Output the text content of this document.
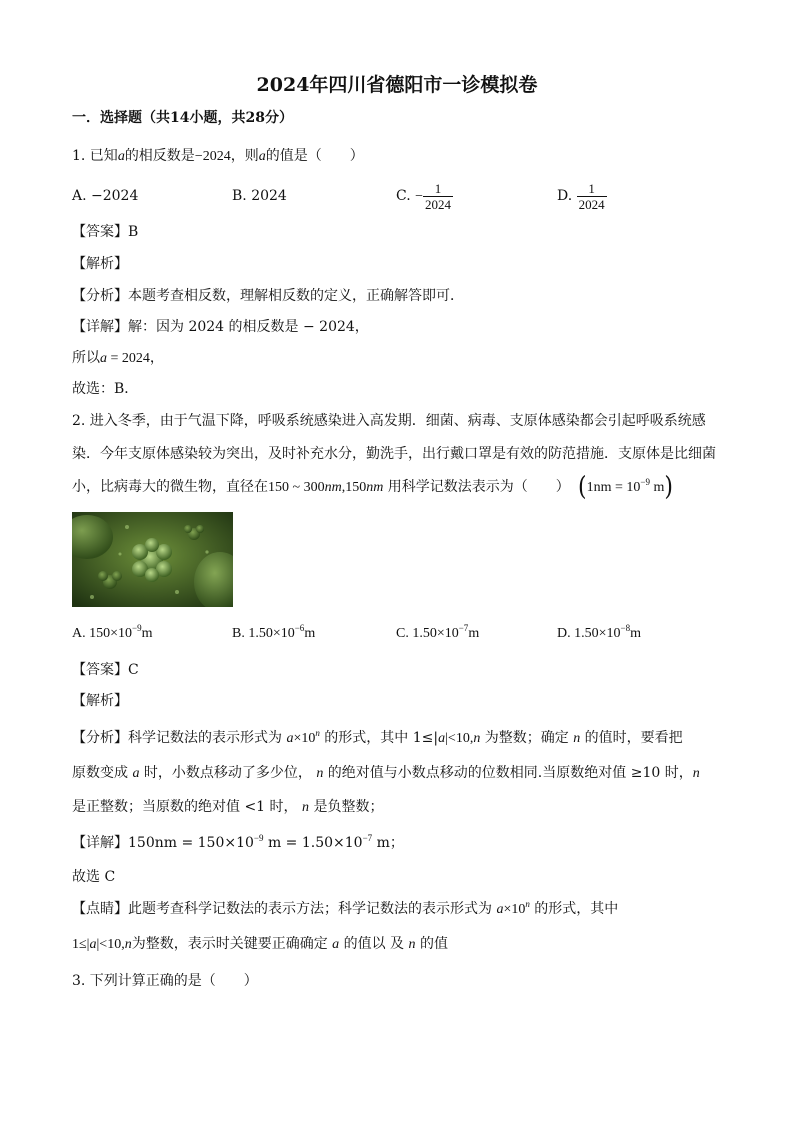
2024年四川省德阳市一诊模拟卷
一．选择题（共14小题，共28分）
1. 已知a的相反数是−2024，则a的值是（　　）
A. −2024	B. 2024	C. − $\frac{1}{2024}$	D. $\frac{1}{2024}$
【答案】B
【解析】
【分析】本题考查相反数，理解相反数的定义，正确解答即可．
【详解】解：因为 2024 的相反数是 − 2024，
所以a = 2024，
故选：B．
2. 进入冬季，由于气温下降，呼吸系统感染进入高发期．细菌、病毒、支原体感染都会引起呼吸系统感
染．今年支原体感染较为突出，及时补充水分，勤洗手，出行戴口罩是有效的防范措施．支原体是比细菌
小，比病毒大的微生物，直径在150 ~ 300nm,150nm 用科学记数法表示为（　　） ($1nm = 10^{-9}$ m)
A. $150\times 10^{-9}m$	B. $1.50\times 10^{-6}m$	C. $1.50\times 10^{-7}m$	D. $1.50\times 10^{-8}m$
【答案】C
【解析】
【分析】科学记数法的表示形式为 $a\times 10^n$ 的形式，其中 1≤|a|<10,n 为整数；确定 n 的值时，要看把
原数变成 a 时，小数点移动了多少位， n 的绝对值与小数点移动的位数相同.当原数绝对值 ≥10 时，n
是正整数；当原数的绝对值 <1 时， n 是负整数；
【详解】$150nm = 150\times 10^{-9}$ $m = 1.50\times 10^{-7}$ m；
故选 C
【点睛】此题考查科学记数法的表示方法；科学记数法的表示形式为 $a\times 10^n$ 的形式，其中
1≤|a|<10,n为整数，表示时关键要正确确定 a 的值以 及 n 的值
3. 下列计算正确的是（　　）
